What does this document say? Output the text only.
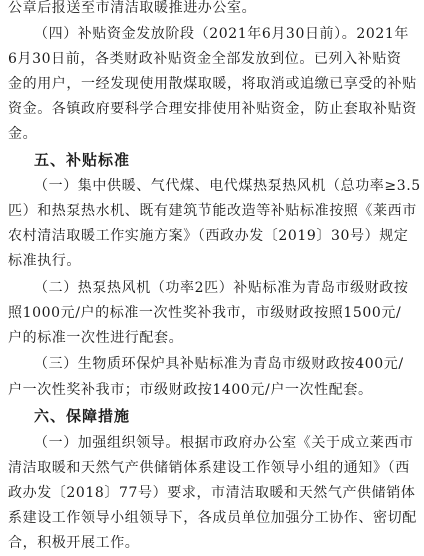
公章后报送至市清洁取暖推进办公室。
（四）补贴资金发放阶段（2021年6月30日前）。2021年
6月30日前，各类财政补贴资金全部发放到位。已列入补贴资
金的用户，一经发现使用散煤取暖，将取消或追缴已享受的补贴
资金。各镇政府要科学合理安排使用补贴资金，防止套取补贴资
金。
五、补贴标准
（一）集中供暖、气代煤、电代煤热泵热风机（总功率≥3.5
匹）和热泵热水机、既有建筑节能改造等补贴标准按照《莱西市
农村清洁取暖工作实施方案》（西政办发〔2019〕30号）规定
标准执行。
（二）热泵热风机（功率2匹）补贴标准为青岛市级财政按
照1000元/户的标准一次性奖补我市，市级财政按照1500元/
户的标准一次性进行配套。
（三）生物质环保炉具补贴标准为青岛市级财政按400元/
户一次性奖补我市；市级财政按1400元/户一次性配套。
六、保障措施
（一）加强组织领导。根据市政府办公室《关于成立莱西市
清洁取暖和天然气产供储销体系建设工作领导小组的通知》（西
政办发〔2018〕77号）要求，市清洁取暖和天然气产供储销体
系建设工作领导小组领导下，各成员单位加强分工协作、密切配
合，积极开展工作。
